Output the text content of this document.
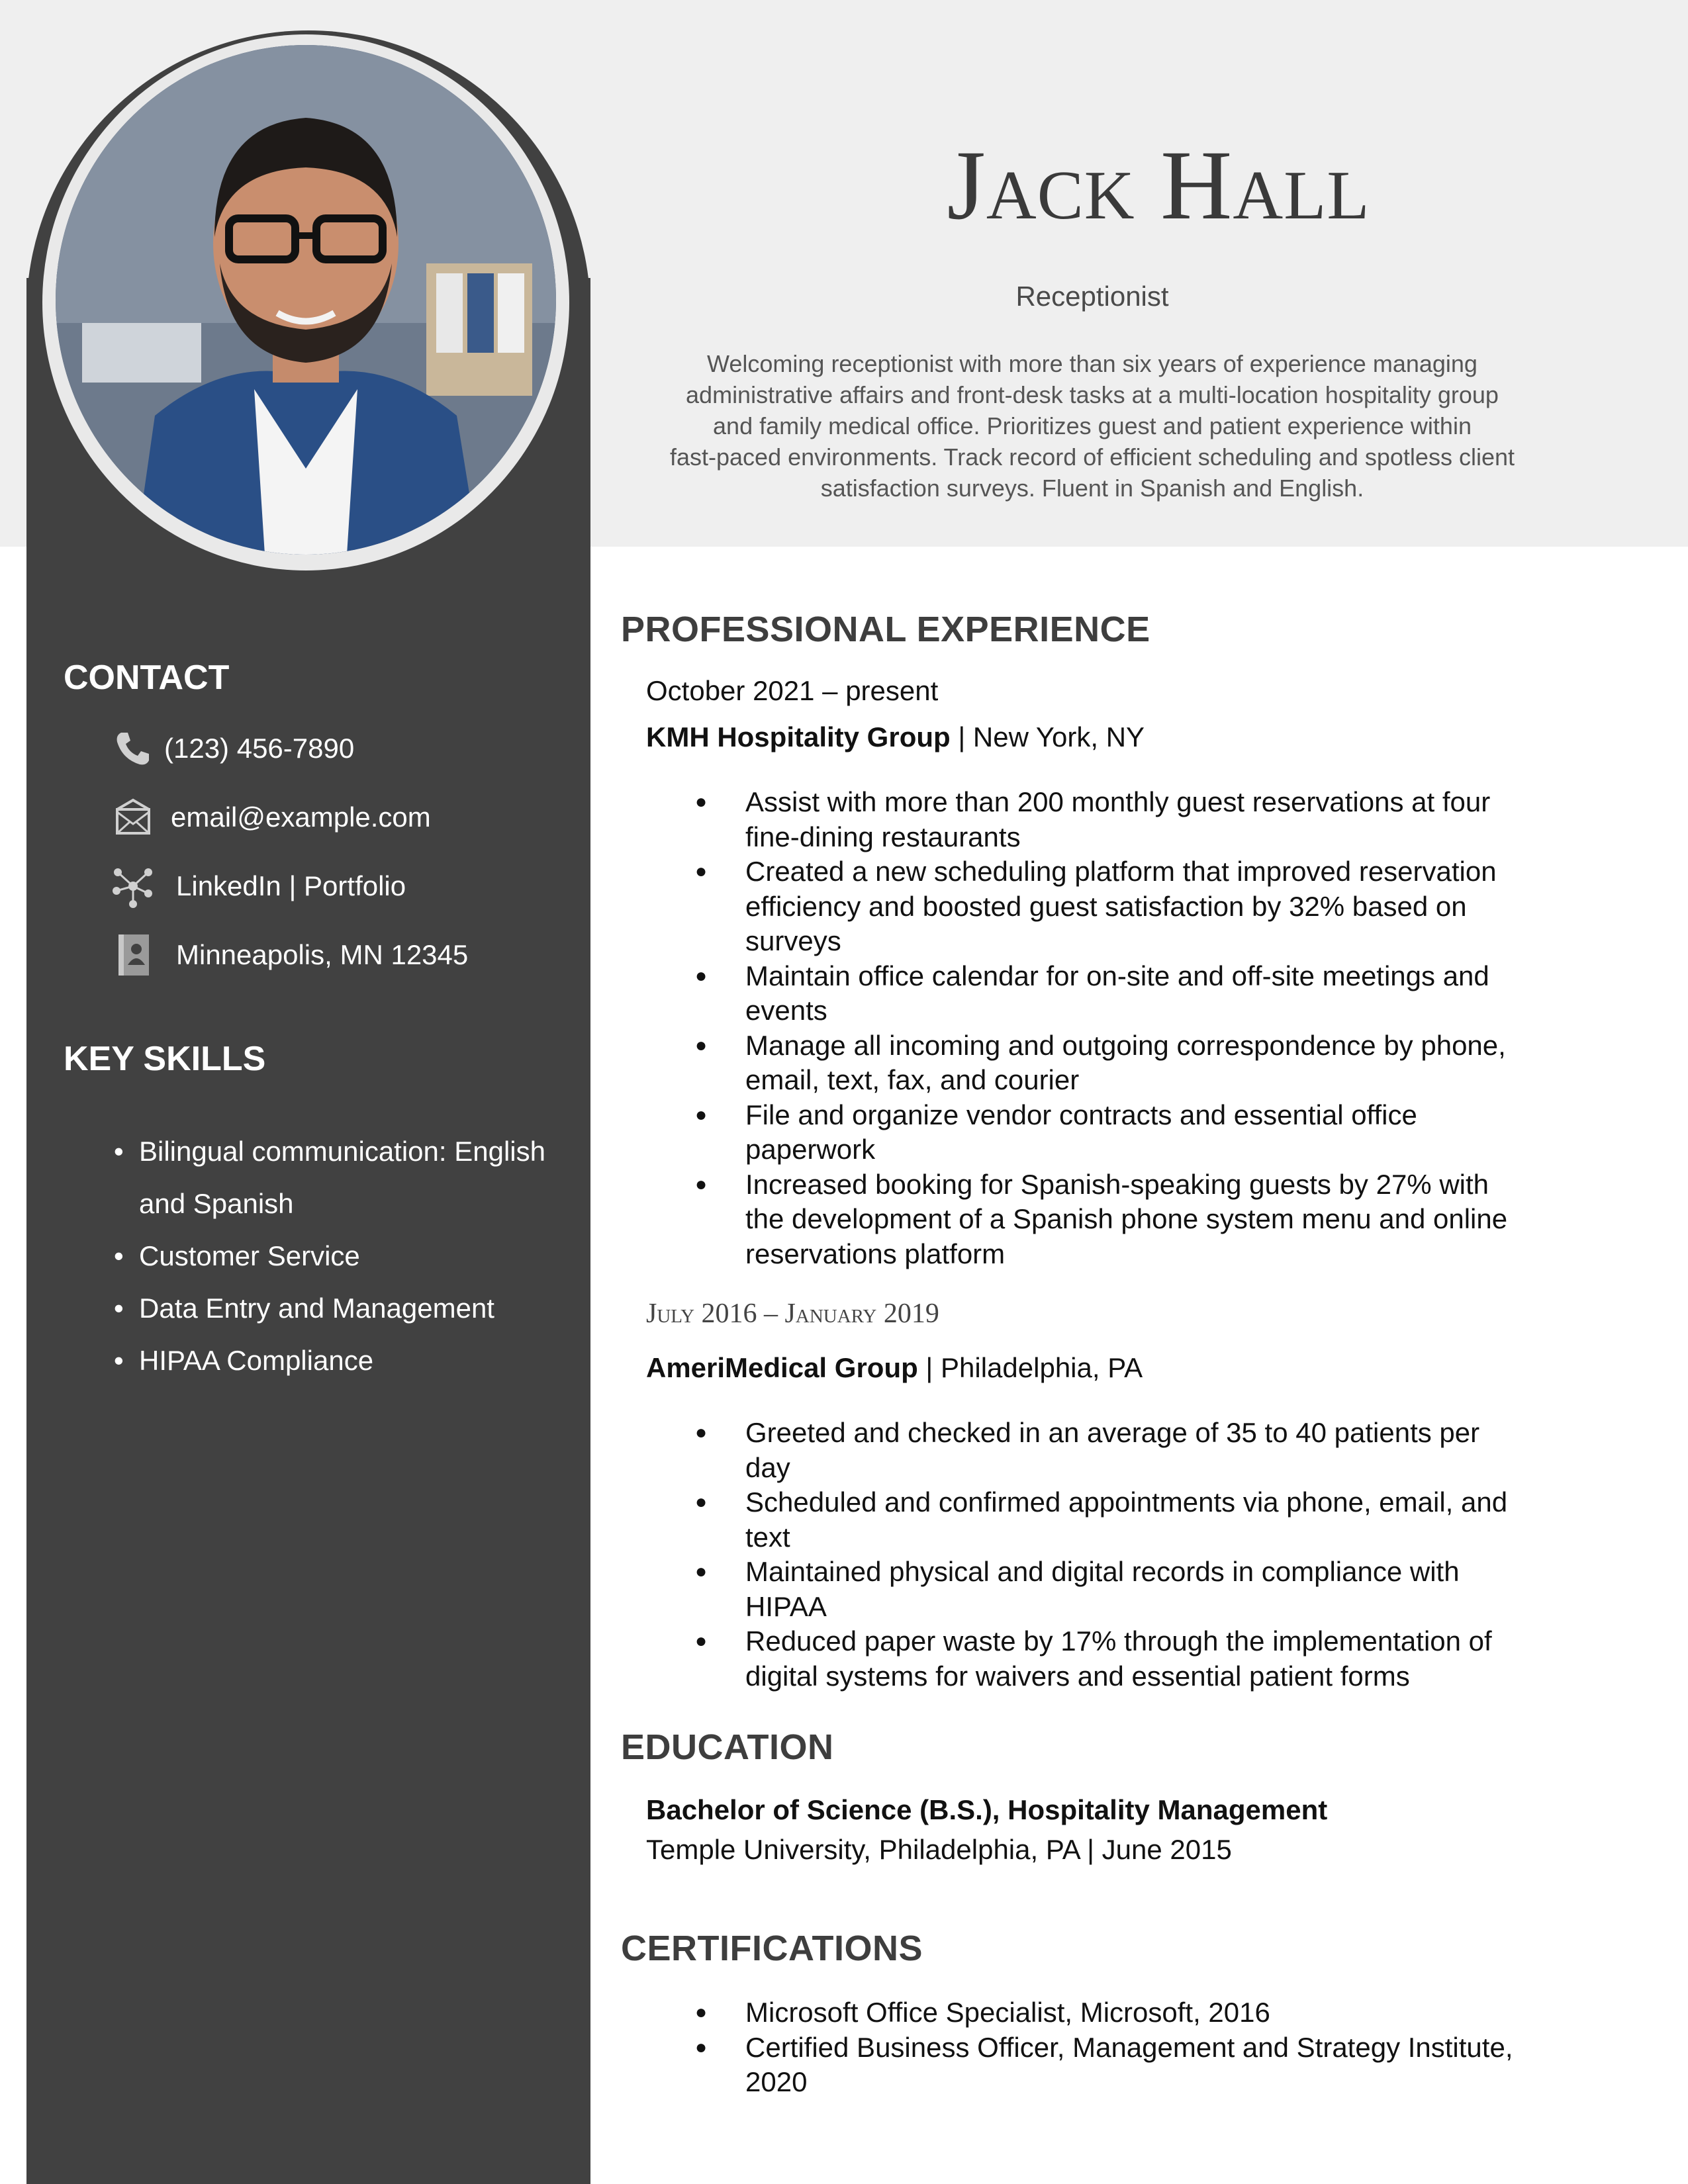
Jack Hall
Receptionist
Welcoming receptionist with more than six years of experience managing
administrative affairs and front-desk tasks at a multi-location hospitality group
and family medical office. Prioritizes guest and patient experience within
fast-paced environments. Track record of efficient scheduling and spotless client
satisfaction surveys. Fluent in Spanish and English.
CONTACT
(123) 456-7890
email@example.com
LinkedIn | Portfolio
Minneapolis, MN 12345
KEY SKILLS
• Bilingual communication: English and Spanish
• Customer Service
• Data Entry and Management
• HIPAA Compliance
PROFESSIONAL EXPERIENCE
October 2021 – present
KMH Hospitality Group | New York, NY
● Assist with more than 200 monthly guest reservations at four fine-dining restaurants
● Created a new scheduling platform that improved reservation efficiency and boosted guest satisfaction by 32% based on surveys
● Maintain office calendar for on-site and off-site meetings and events
● Manage all incoming and outgoing correspondence by phone, email, text, fax, and courier
● File and organize vendor contracts and essential office paperwork
● Increased booking for Spanish-speaking guests by 27% with the development of a Spanish phone system menu and online reservations platform
July 2016 – January 2019
AmeriMedical Group | Philadelphia, PA
● Greeted and checked in an average of 35 to 40 patients per day
● Scheduled and confirmed appointments via phone, email, and text
● Maintained physical and digital records in compliance with HIPAA
● Reduced paper waste by 17% through the implementation of digital systems for waivers and essential patient forms
EDUCATION
Bachelor of Science (B.S.), Hospitality Management
Temple University, Philadelphia, PA | June 2015
CERTIFICATIONS
● Microsoft Office Specialist, Microsoft, 2016
● Certified Business Officer, Management and Strategy Institute, 2020
